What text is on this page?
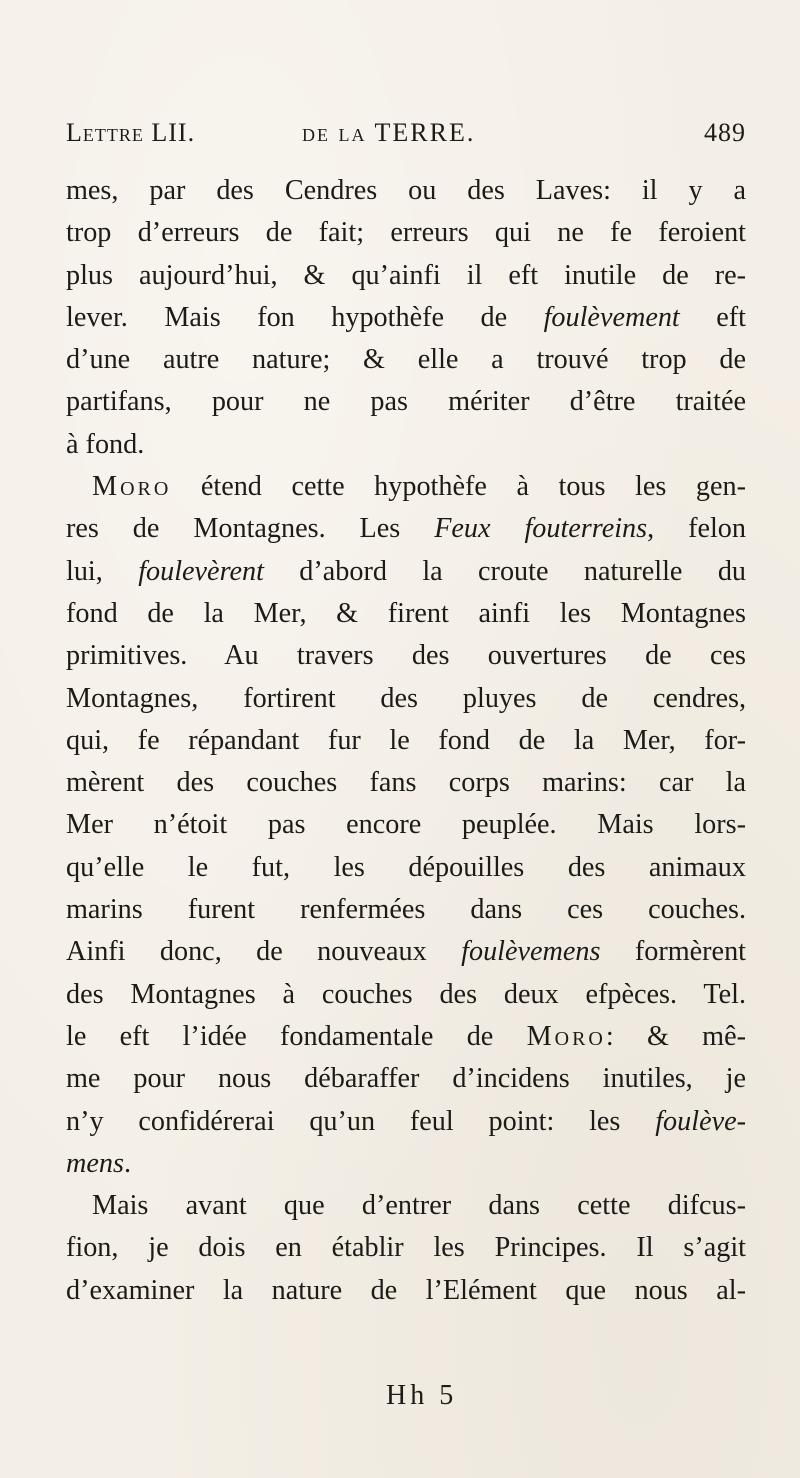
Lettre LII.	de la TERRE.	489
mes, par des Cendres ou des Laves: il y a
trop d’erreurs de fait; erreurs qui ne fe feroient
plus aujourd’hui, & qu’ainfi il eft inutile de re-
lever. Mais fon hypothèfe de foulèvement eft
d’une autre nature; & elle a trouvé trop de
partifans, pour ne pas mériter d’être traitée
à fond.
Moro étend cette hypothèfe à tous les gen-
res de Montagnes. Les Feux fouterreins, felon
lui, foulevèrent d’abord la croute naturelle du
fond de la Mer, & firent ainfi les Montagnes
primitives. Au travers des ouvertures de ces
Montagnes, fortirent des pluyes de cendres,
qui, fe répandant fur le fond de la Mer, for-
mèrent des couches fans corps marins: car la
Mer n’étoit pas encore peuplée. Mais lors-
qu’elle le fut, les dépouilles des animaux
marins furent renfermées dans ces couches.
Ainfi donc, de nouveaux foulèvemens formèrent
des Montagnes à couches des deux efpèces. Tel.
le eft l’idée fondamentale de Moro: & mê-
me pour nous débaraffer d’incidens inutiles, je
n’y confidérerai qu’un feul point: les foulève-
mens.
Mais avant que d’entrer dans cette difcus-
fion, je dois en établir les Principes. Il s’agit
d’examiner la nature de l’Elément que nous al-
Hh 5
